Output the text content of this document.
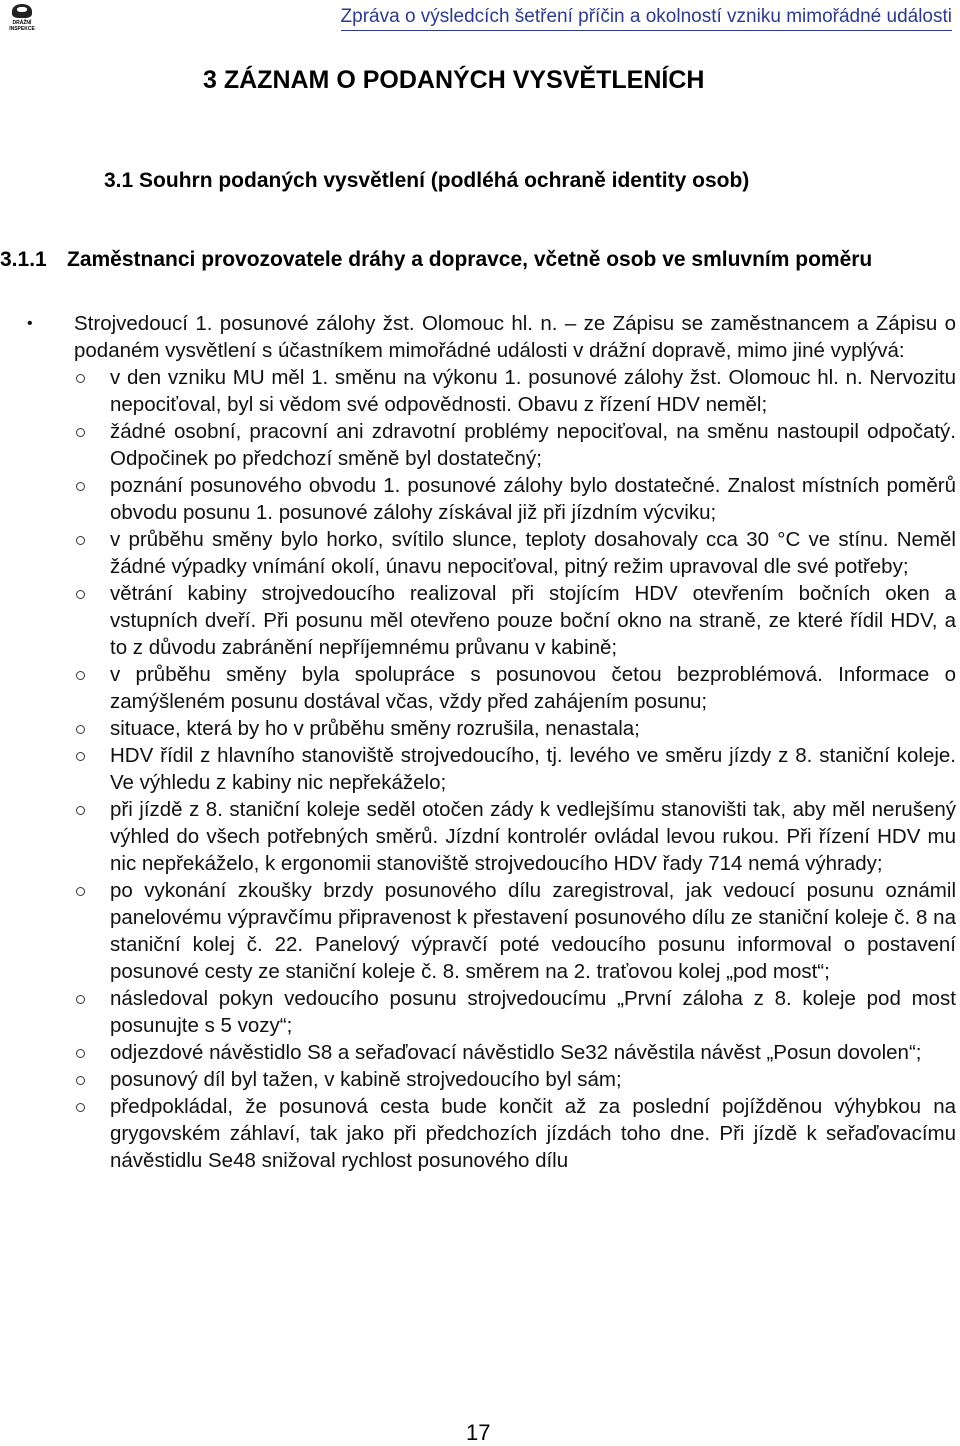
DRÁŽNÍ INSPEKCE
Zpráva o výsledcích šetření příčin a okolností vzniku mimořádné události
3 ZÁZNAM O PODANÝCH VYSVĚTLENÍCH
3.1 Souhrn podaných vysvětlení (podléhá ochraně identity osob)
3.1.1 Zaměstnanci provozovatele dráhy a dopravce, včetně osob ve smluvním poměru

• Strojvedoucí 1. posunové zálohy žst. Olomouc hl. n. – ze Zápisu se zaměstnancem a Zápisu o podaném vysvětlení s účastníkem mimořádné události v drážní dopravě, mimo jiné vyplývá:

v den vzniku MU měl 1. směnu na výkonu 1. posunové zálohy žst. Olomouc hl. n. Nervozitu nepociťoval, byl si vědom své odpovědnosti. Obavu z řízení HDV neměl;
žádné osobní, pracovní ani zdravotní problémy nepociťoval, na směnu nastoupil odpočatý. Odpočinek po předchozí směně byl dostatečný;
poznání posunového obvodu 1. posunové zálohy bylo dostatečné. Znalost místních poměrů obvodu posunu 1. posunové zálohy získával již při jízdním výcviku;
v průběhu směny bylo horko, svítilo slunce, teploty dosahovaly cca 30 °C ve stínu. Neměl žádné výpadky vnímání okolí, únavu nepociťoval, pitný režim upravoval dle své potřeby;
větrání kabiny strojvedoucího realizoval při stojícím HDV otevřením bočních oken a vstupních dveří. Při posunu měl otevřeno pouze boční okno na straně, ze které řídil HDV, a to z důvodu zabránění nepříjemnému průvanu v kabině;
v průběhu směny byla spolupráce s posunovou četou bezproblémová. Informace o zamýšleném posunu dostával včas, vždy před zahájením posunu;
situace, která by ho v průběhu směny rozrušila, nenastala;
HDV řídil z hlavního stanoviště strojvedoucího, tj. levého ve směru jízdy z 8. staniční koleje. Ve výhledu z kabiny nic nepřekáželo;
při jízdě z 8. staniční koleje seděl otočen zády k vedlejšímu stanovišti tak, aby měl nerušený výhled do všech potřebných směrů. Jízdní kontrolér ovládal levou rukou. Při řízení HDV mu nic nepřekáželo, k ergonomii stanoviště strojvedoucího HDV řady 714 nemá výhrady;
po vykonání zkoušky brzdy posunového dílu zaregistroval, jak vedoucí posunu oznámil panelovému výpravčímu připravenost k přestavení posunového dílu ze staniční koleje č. 8 na staniční kolej č. 22. Panelový výpravčí poté vedoucího posunu informoval o postavení posunové cesty ze staniční koleje č. 8. směrem na 2. traťovou kolej „pod most“;
následoval pokyn vedoucího posunu strojvedoucímu „První záloha z 8. koleje pod most posunujte s 5 vozy“;
odjezdové návěstidlo S8 a seřaďovací návěstidlo Se32 návěstila návěst „Posun dovolen“;
posunový díl byl tažen, v kabině strojvedoucího byl sám;
předpokládal, že posunová cesta bude končit až za poslední pojížděnou výhybkou na grygovském záhlaví, tak jako při předchozích jízdách toho dne. Při jízdě k seřaďovacímu návěstidlu Se48 snižoval rychlost posunového dílu
17
